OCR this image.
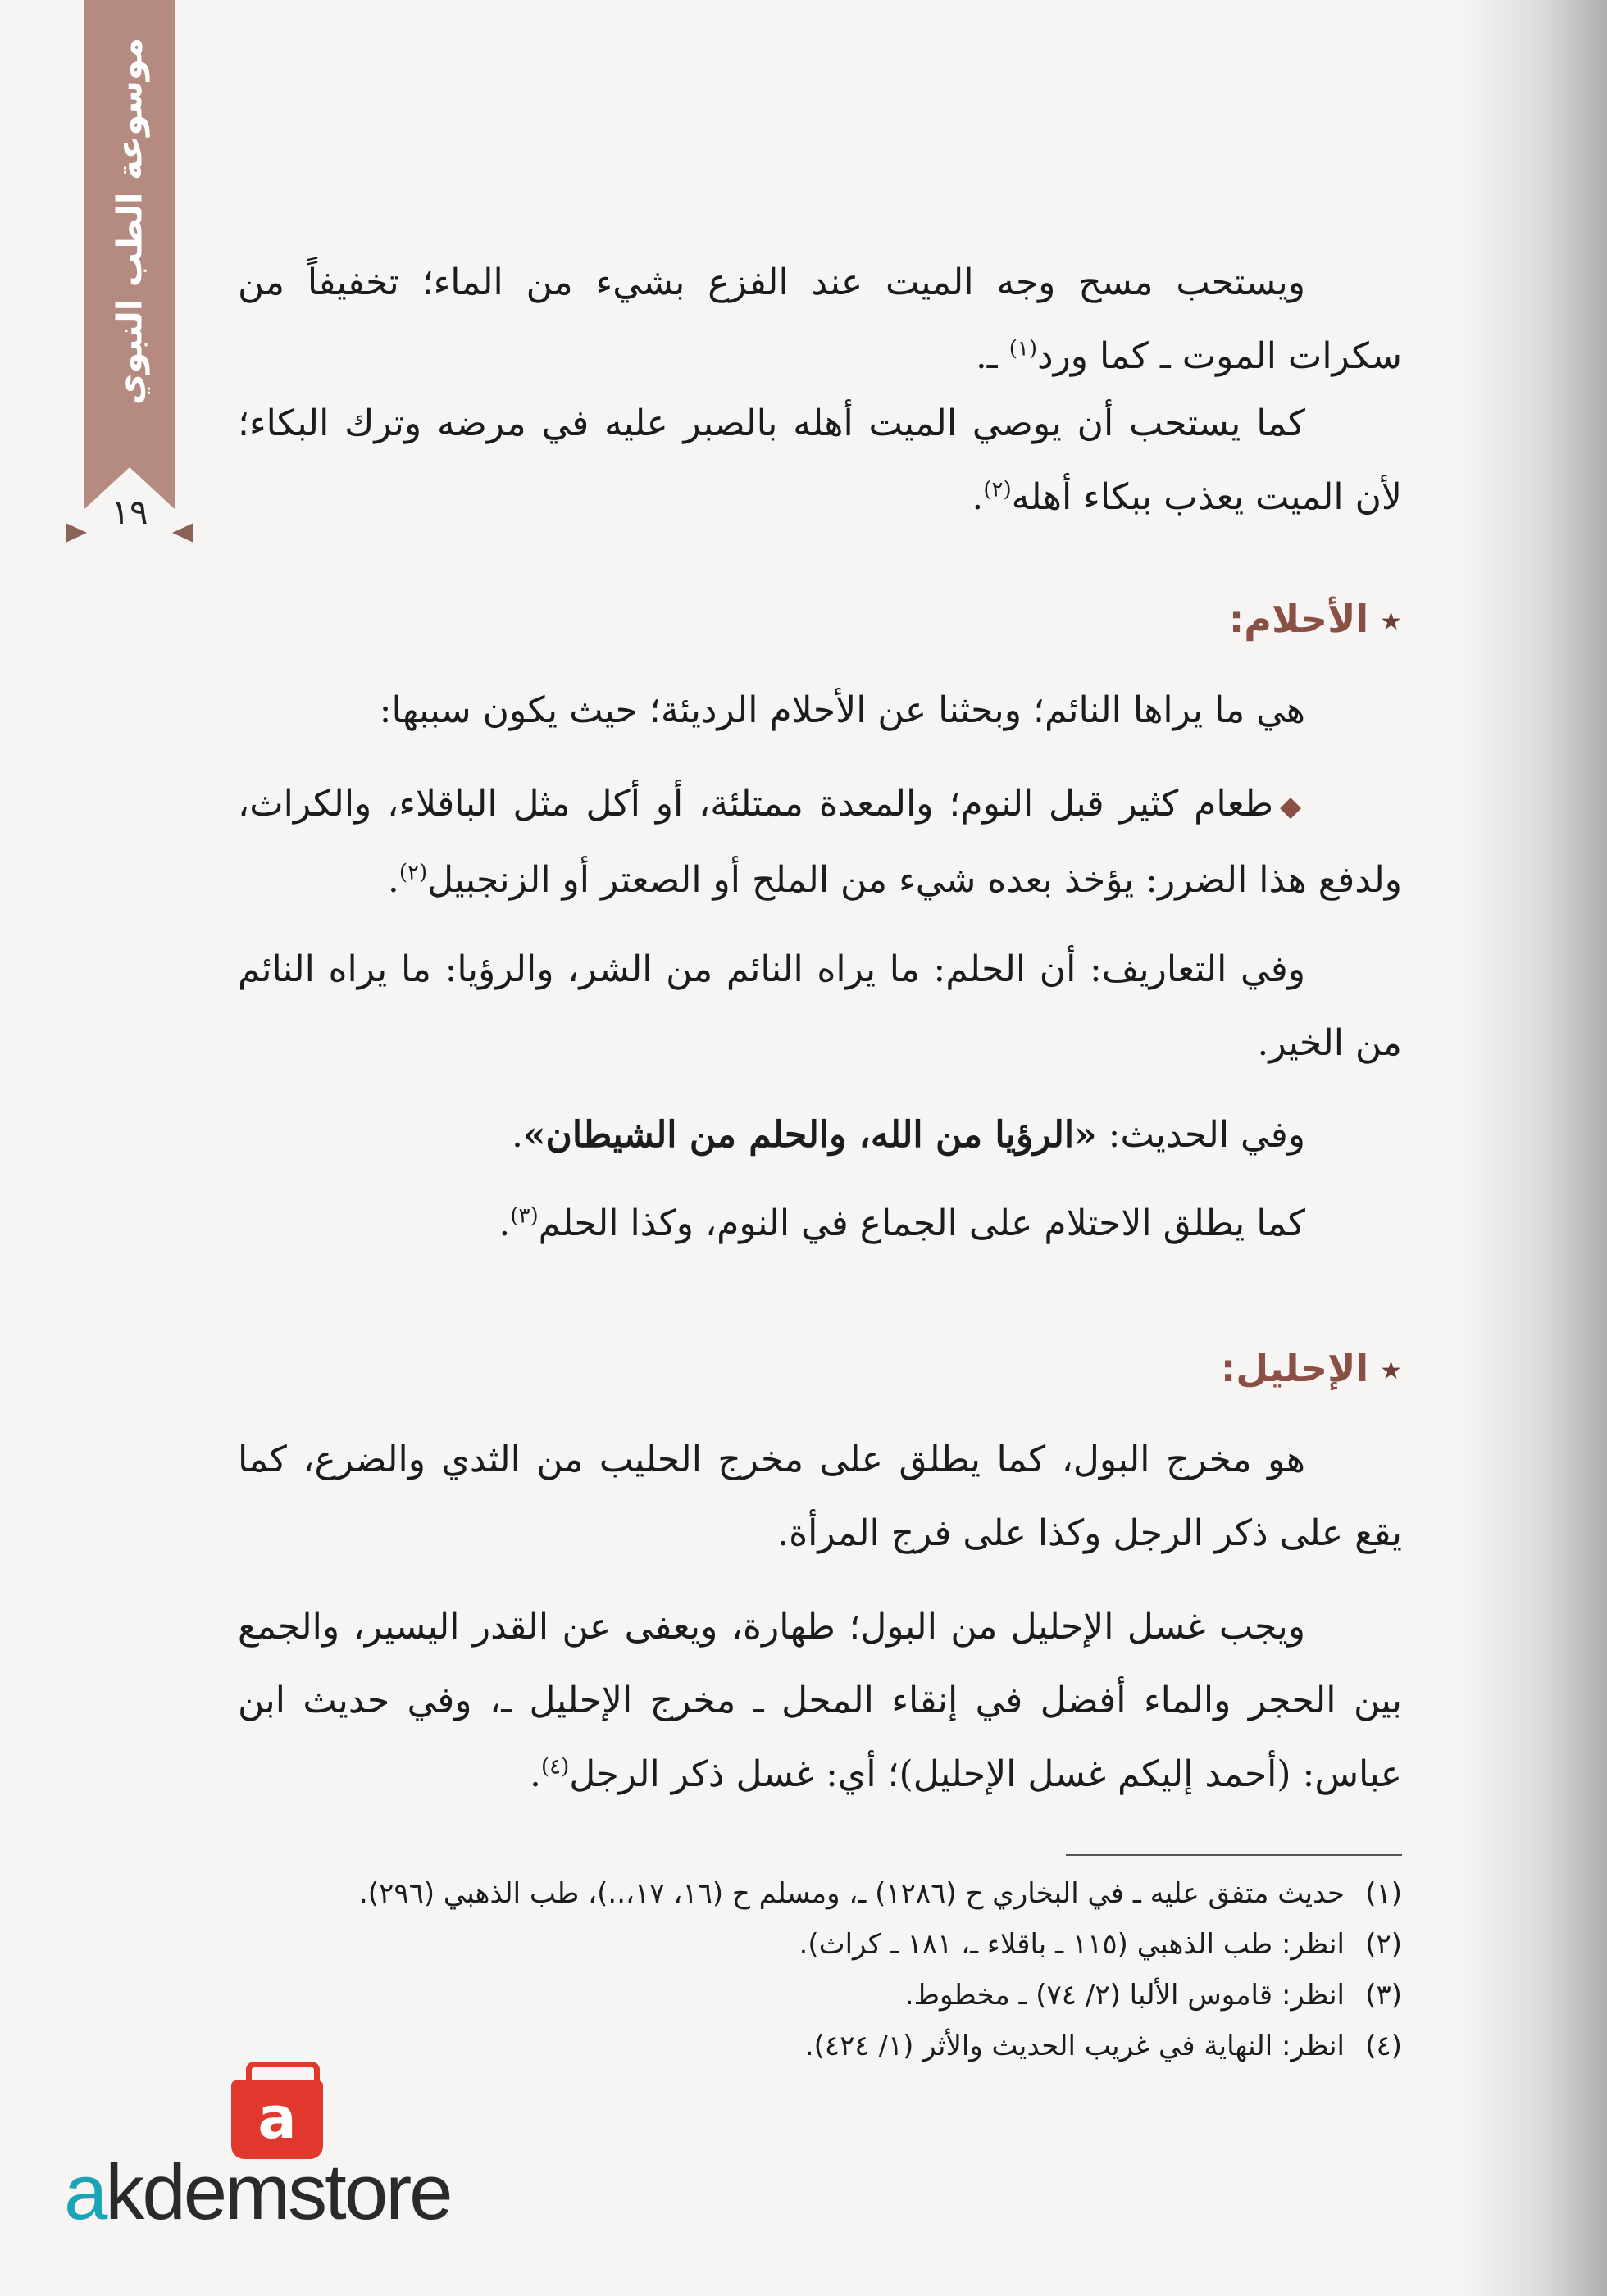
موسوعة الطب النبوي
١٩
ويستحب مسح وجه الميت عند الفزع بشيء من الماء؛ تخفيفاً من سكرات الموت ـ كما ورد$^{(١)}$ ـ.
كما يستحب أن يوصي الميت أهله بالصبر عليه في مرضه وترك البكاء؛ لأن الميت يعذب ببكاء أهله$^{(٢)}$.
★الأحلام:
هي ما يراها النائم؛ وبحثنا عن الأحلام الرديئة؛ حيث يكون سببها:
◆طعام كثير قبل النوم؛ والمعدة ممتلئة، أو أكل مثل الباقلاء، والكراث، ولدفع هذا الضرر: يؤخذ بعده شيء من الملح أو الصعتر أو الزنجبيل$^{(٢)}$.
وفي التعاريف: أن الحلم: ما يراه النائم من الشر، والرؤيا: ما يراه النائم من الخير.
وفي الحديث: «الرؤيا من الله، والحلم من الشيطان».
كما يطلق الاحتلام على الجماع في النوم، وكذا الحلم$^{(٣)}$.
★الإحليل:
هو مخرج البول، كما يطلق على مخرج الحليب من الثدي والضرع، كما يقع على ذكر الرجل وكذا على فرج المرأة.
ويجب غسل الإحليل من البول؛ طهارة، ويعفى عن القدر اليسير، والجمع بين الحجر والماء أفضل في إنقاء المحل ـ مخرج الإحليل ـ، وفي حديث ابن عباس: (أحمد إليكم غسل الإحليل)؛ أي: غسل ذكر الرجل$^{(٤)}$.
(١)حديث متفق عليه ـ في البخاري ح (١٢٨٦) ـ، ومسلم ح (١٦، ١٧،..)، طب الذهبي (٢٩٦).
(٢)انظر: طب الذهبي (١١٥ ـ باقلاء ـ، ١٨١ ـ كراث).
(٣)انظر: قاموس الألبا (٢/ ٧٤) ـ مخطوط.
(٤)انظر: النهاية في غريب الحديث والأثر (١/ ٤٢٤).
a
akdemstore
